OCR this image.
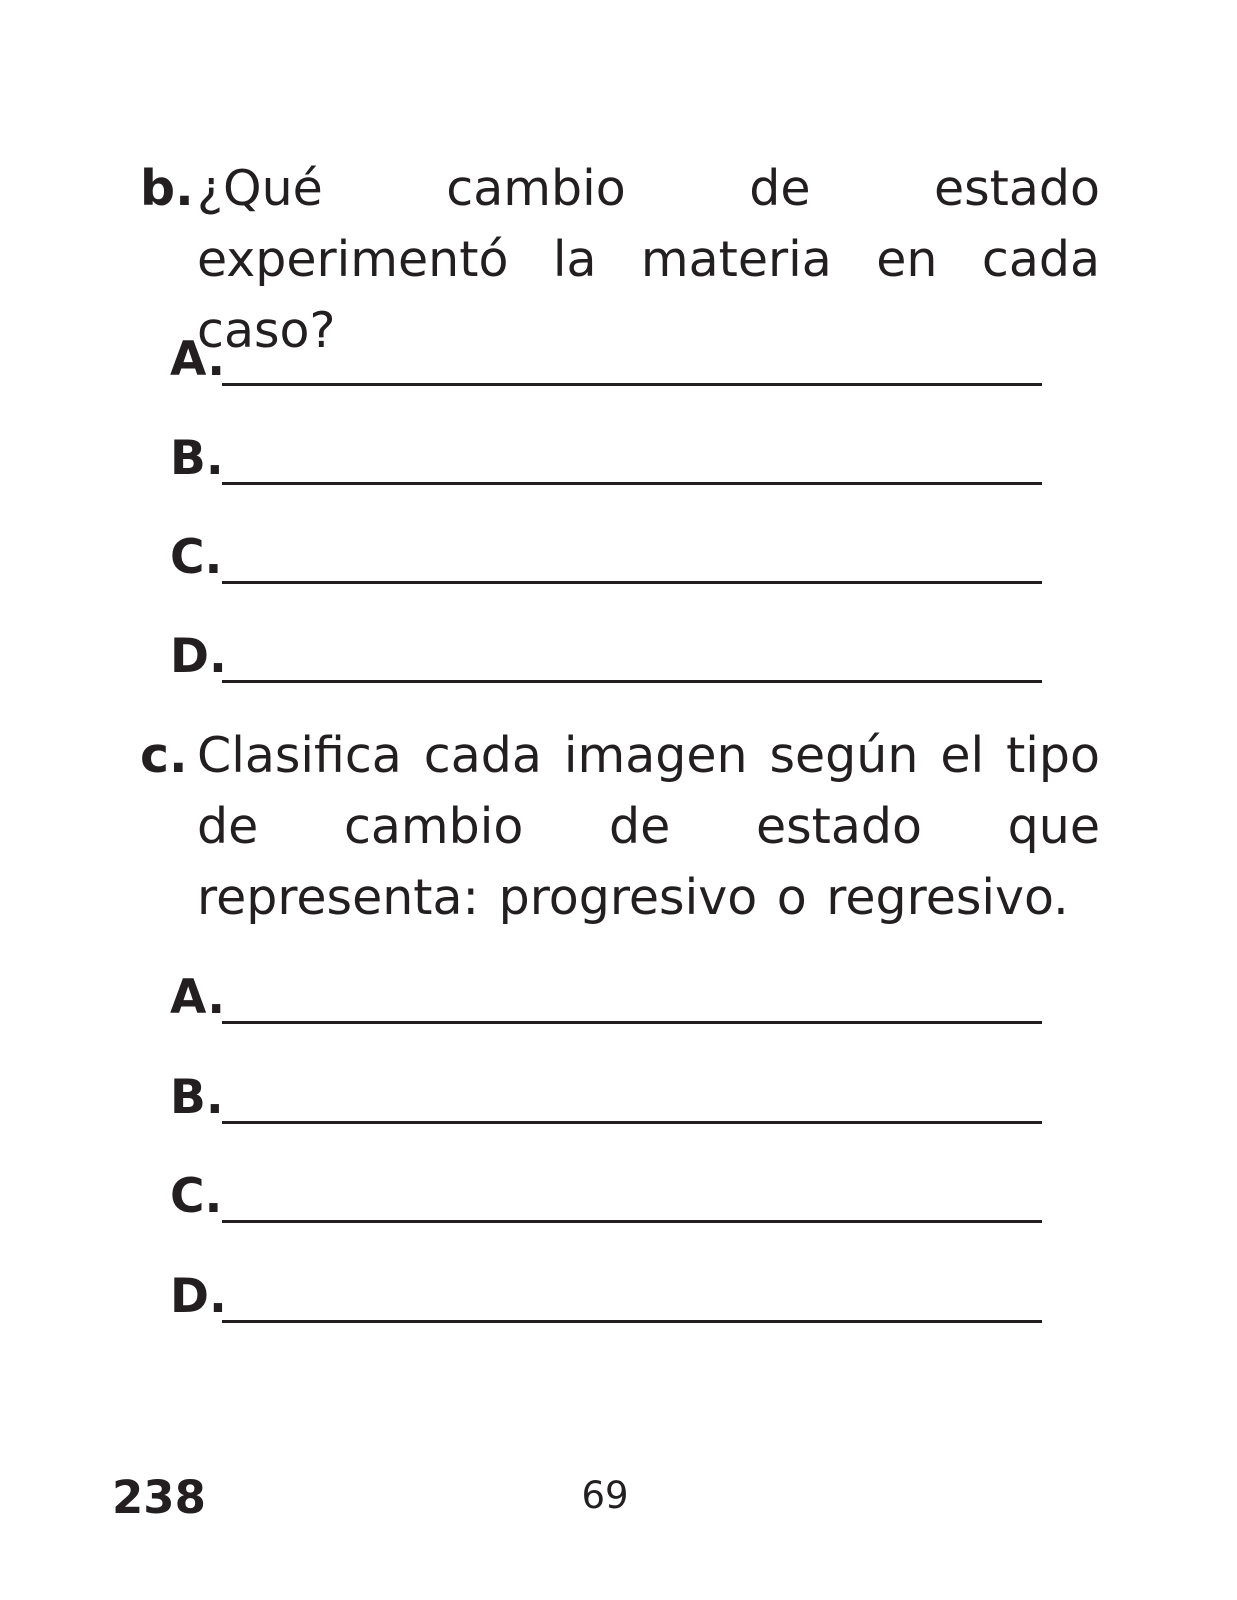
b. ¿Qué cambio de estado experimentó la materia en cada caso?
A.
B.
C.
D.
c. Clasifica cada imagen según el tipo de cambio de estado que representa: progresivo o regresivo.
A.
B.
C.
D.
238	69
